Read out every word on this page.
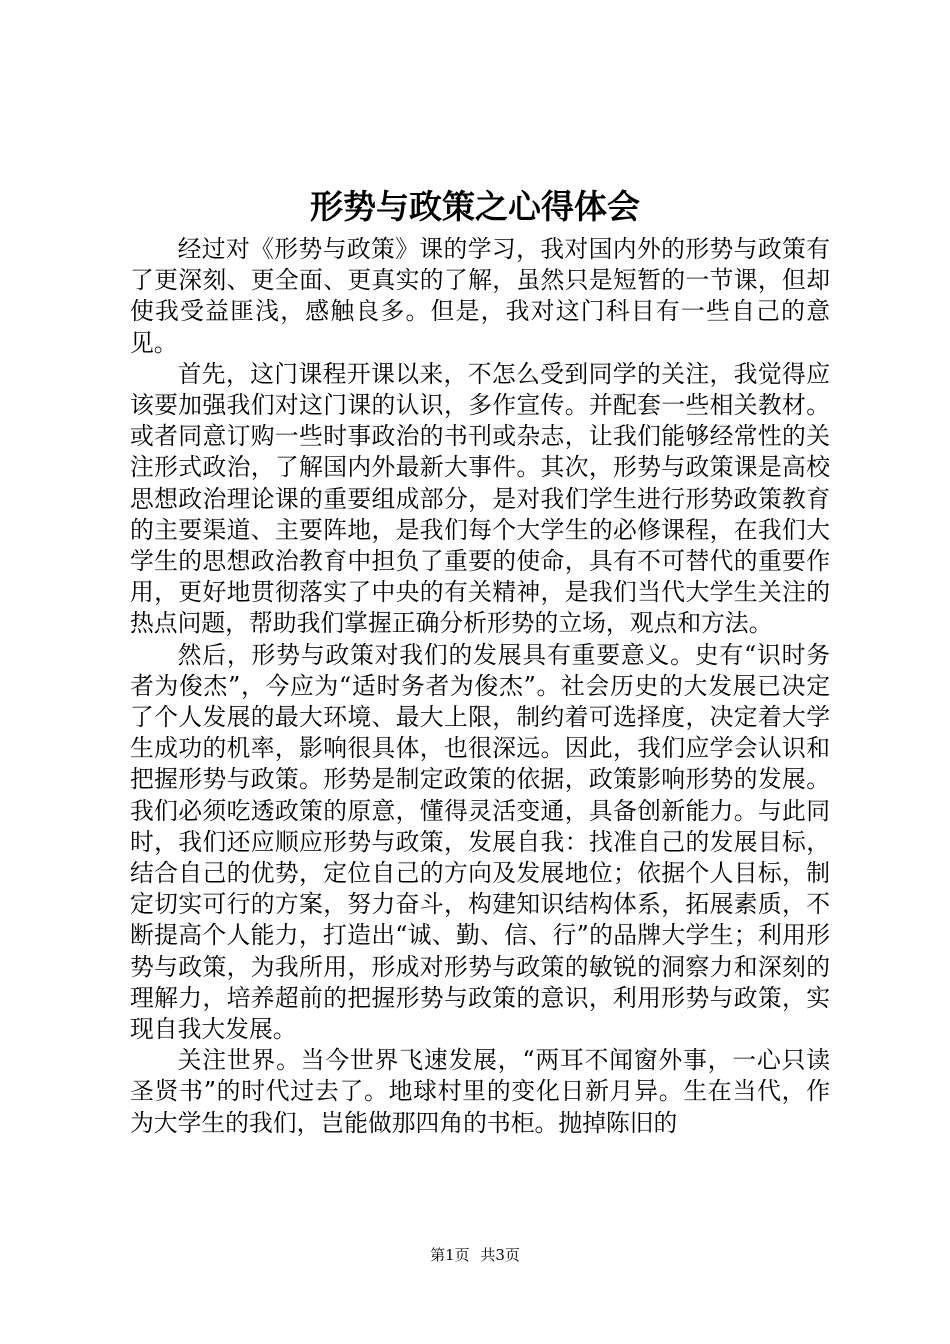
形势与政策之心得体会

经过对《形势与政策》课的学习，我对国内外的形势与政策有了更深刻、更全面、更真实的了解，虽然只是短暂的一节课，但却使我受益匪浅，感触良多。但是，我对这门科目有一些自己的意见。

首先，这门课程开课以来，不怎么受到同学的关注，我觉得应该要加强我们对这门课的认识，多作宣传。并配套一些相关教材。或者同意订购一些时事政治的书刊或杂志，让我们能够经常性的关注形式政治，了解国内外最新大事件。其次，形势与政策课是高校思想政治理论课的重要组成部分，是对我们学生进行形势政策教育的主要渠道、主要阵地，是我们每个大学生的必修课程，在我们大学生的思想政治教育中担负了重要的使命，具有不可替代的重要作用，更好地贯彻落实了中央的有关精神，是我们当代大学生关注的热点问题，帮助我们掌握正确分析形势的立场，观点和方法。

然后，形势与政策对我们的发展具有重要意义。史有“识时务者为俊杰”，今应为“适时务者为俊杰”。社会历史的大发展已决定了个人发展的最大环境、最大上限，制约着可选择度，决定着大学生成功的机率，影响很具体，也很深远。因此，我们应学会认识和把握形势与政策。形势是制定政策的依据，政策影响形势的发展。我们必须吃透政策的原意，懂得灵活变通，具备创新能力。与此同时，我们还应顺应形势与政策，发展自我：找准自己的发展目标，结合自己的优势，定位自己的方向及发展地位；依据个人目标，制定切实可行的方案，努力奋斗，构建知识结构体系，拓展素质，不断提高个人能力，打造出“诚、勤、信、行”的品牌大学生；利用形势与政策，为我所用，形成对形势与政策的敏锐的洞察力和深刻的理解力，培养超前的把握形势与政策的意识，利用形势与政策，实现自我大发展。

关注世界。当今世界飞速发展，“两耳不闻窗外事，一心只读圣贤书”的时代过去了。地球村里的变化日新月异。生在当代，作为大学生的我们，岂能做那四角的书柜。抛掉陈旧的

第1页 共3页
